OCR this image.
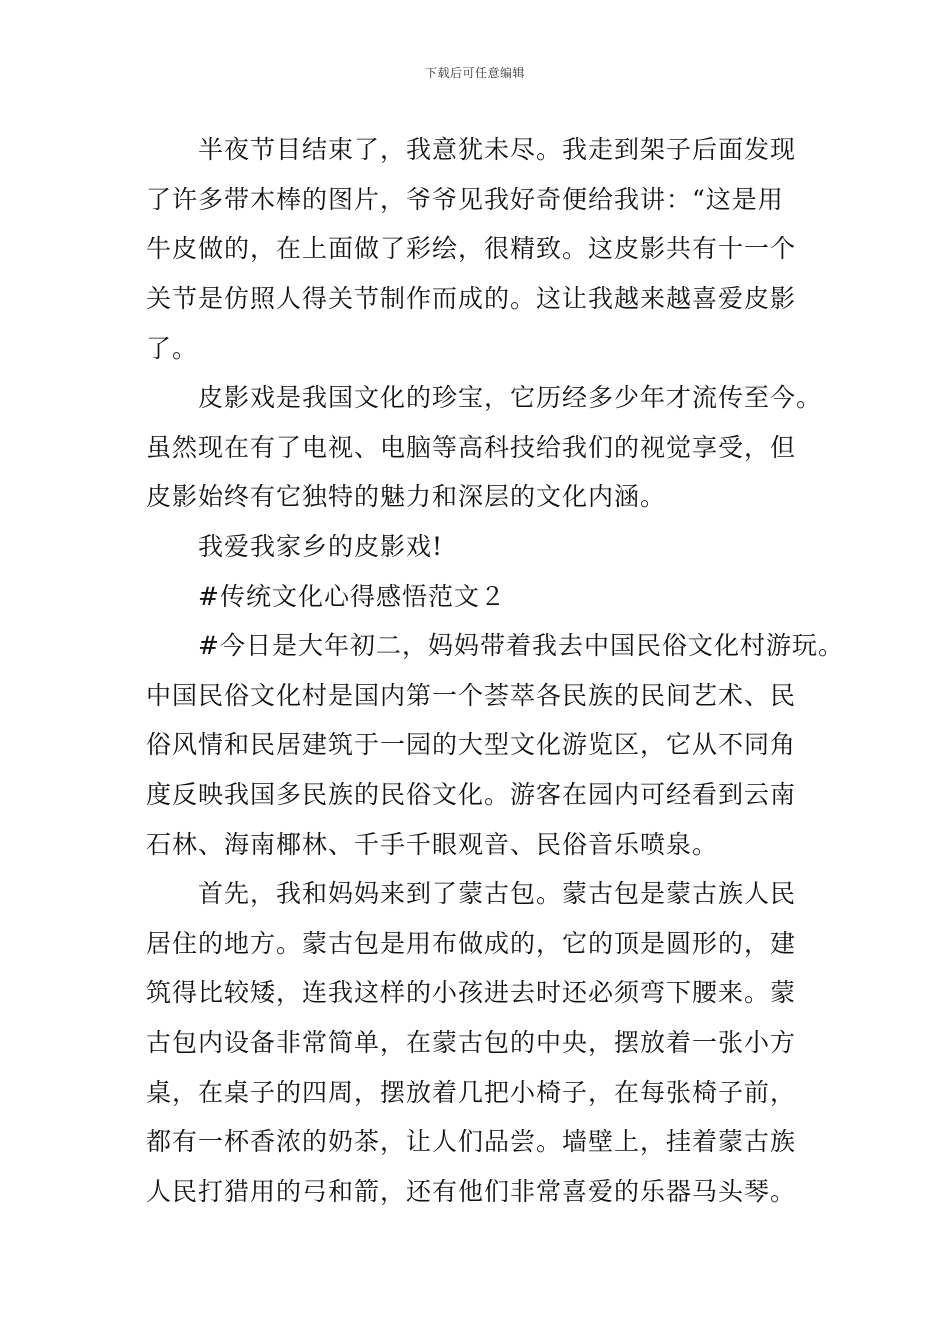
下载后可任意编辑
　　半夜节目结束了，我意犹未尽。我走到架子后面发现
了许多带木棒的图片，爷爷见我好奇便给我讲：“这是用
牛皮做的，在上面做了彩绘，很精致。这皮影共有十一个
关节是仿照人得关节制作而成的。这让我越来越喜爱皮影
了。
　　皮影戏是我国文化的珍宝，它历经多少年才流传至今。
虽然现在有了电视、电脑等高科技给我们的视觉享受，但
皮影始终有它独特的魅力和深层的文化内涵。
　　我爱我家乡的皮影戏!
　　#传统文化心得感悟范文２
　　#今日是大年初二，妈妈带着我去中国民俗文化村游玩。
中国民俗文化村是国内第一个荟萃各民族的民间艺术、民
俗风情和民居建筑于一园的大型文化游览区，它从不同角
度反映我国多民族的民俗文化。游客在园内可经看到云南
石林、海南椰林、千手千眼观音、民俗音乐喷泉。
　　首先，我和妈妈来到了蒙古包。蒙古包是蒙古族人民
居住的地方。蒙古包是用布做成的，它的顶是圆形的，建
筑得比较矮，连我这样的小孩进去时还必须弯下腰来。蒙
古包内设备非常简单，在蒙古包的中央，摆放着一张小方
桌，在桌子的四周，摆放着几把小椅子，在每张椅子前，
都有一杯香浓的奶茶，让人们品尝。墙壁上，挂着蒙古族
人民打猎用的弓和箭，还有他们非常喜爱的乐器马头琴。
